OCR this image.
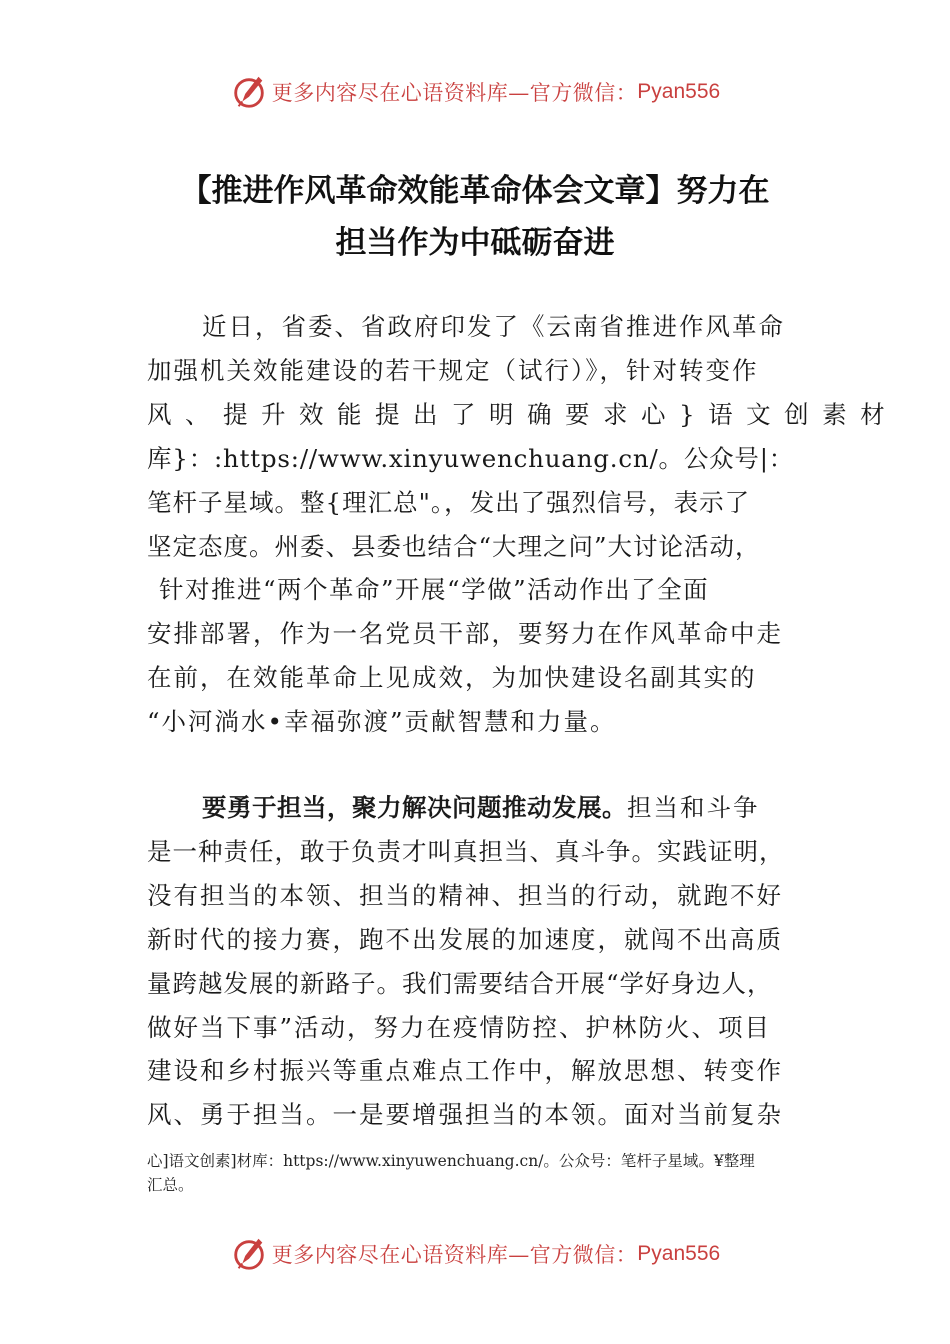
更多内容尽在心语资料库—官方微信： Pyan556
【推进作风革命效能革命体会文章】努力在
担当作为中砥砺奋进
近日，省委、省政府印发了《云南省推进作风革命
加强机关效能建设的若干规定（试行）》，针对转变作
风、提升效能提出了明确要求心}语文创素材
库}：:https://www.xinyuwenchuang.cn/。公众号|：
笔杆子星域。整{理汇总"。，发出了强烈信号，表示了
坚定态度。州委、县委也结合“大理之问”大讨论活动，
针对推进“两个革命”开展“学做”活动作出了全面
安排部署，作为一名党员干部，要努力在作风革命中走
在前，在效能革命上见成效，为加快建设名副其实的
“小河淌水•幸福弥渡”贡献智慧和力量。
要勇于担当，聚力解决问题推动发展。担当和斗争
是一种责任，敢于负责才叫真担当、真斗争。实践证明，
没有担当的本领、担当的精神、担当的行动，就跑不好
新时代的接力赛，跑不出发展的加速度，就闯不出高质
量跨越发展的新路子。我们需要结合开展“学好身边人，
做好当下事”活动，努力在疫情防控、护林防火、项目
建设和乡村振兴等重点难点工作中，解放思想、转变作
风、勇于担当。一是要增强担当的本领。面对当前复杂
心]语文创素]材库：https://www.xinyuwenchuang.cn/。公众号：笔杆子星域。¥整理
汇总。
更多内容尽在心语资料库—官方微信： Pyan556
